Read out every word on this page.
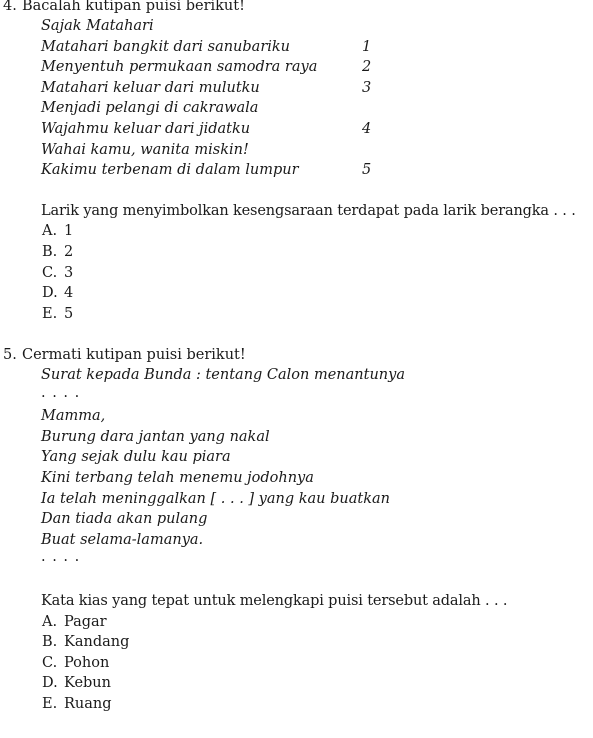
4. Bacalah kutipan puisi berikut!
Sajak Matahari
Matahari bangkit dari sanubariku	1
Menyentuh permukaan samodra raya	2
Matahari keluar dari mulutku	3
Menjadi pelangi di cakrawala
Wajahmu keluar dari jidatku	4
Wahai kamu, wanita miskin!
Kakimu terbenam di dalam lumpur	5
Larik yang menyimbolkan kesengsaraan terdapat pada larik berangka . . .
A. 1
B. 2
C. 3
D. 4
E. 5
5. Cermati kutipan puisi berikut!
Surat kepada Bunda : tentang Calon menantunya
. . . .
Mamma,
Burung dara jantan yang nakal
Yang sejak dulu kau piara
Kini terbang telah menemu jodohnya
Ia telah meninggalkan [ . . . ] yang kau buatkan
Dan tiada akan pulang
Buat selama-lamanya.
. . . .
Kata kias yang tepat untuk melengkapi puisi tersebut adalah . . .
A. Pagar
B. Kandang
C. Pohon
D. Kebun
E. Ruang
